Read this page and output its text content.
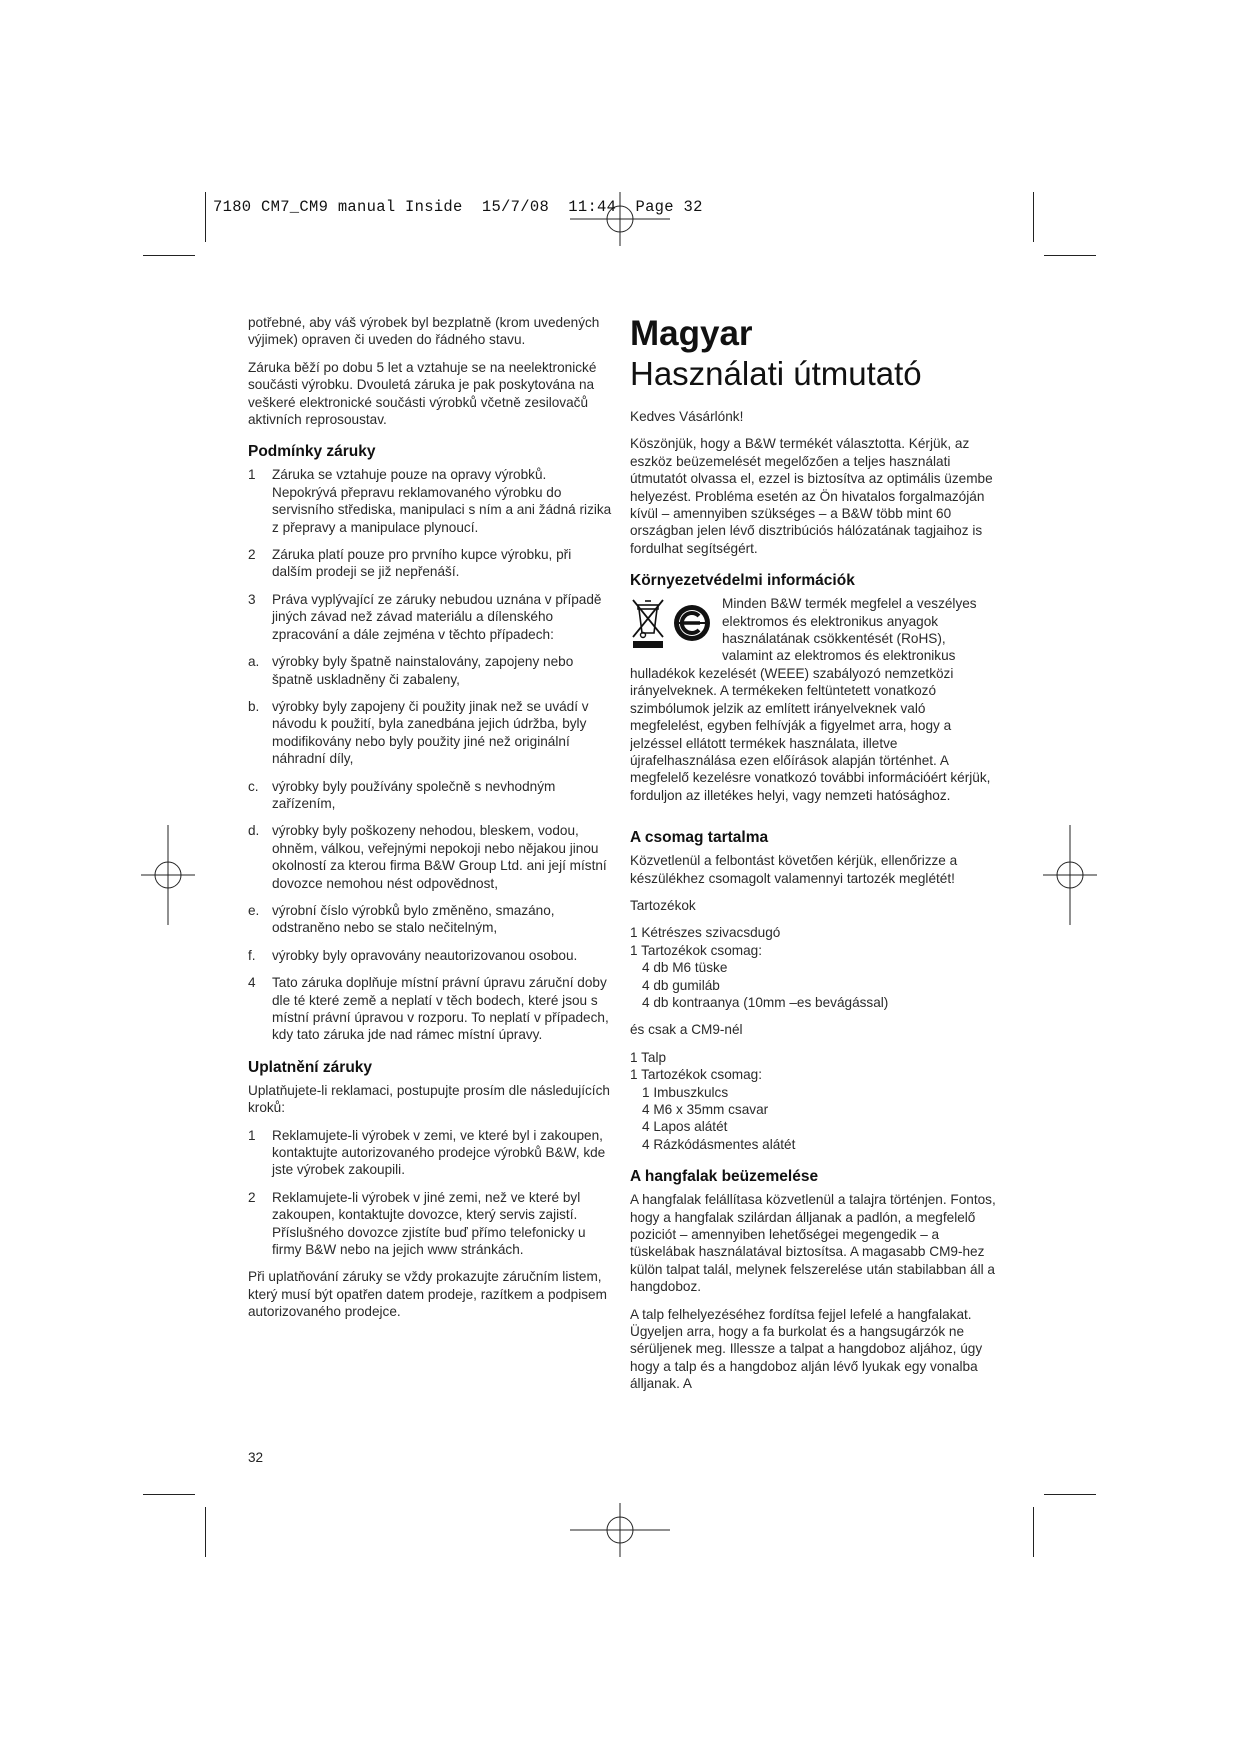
7180 CM7_CM9 manual Inside  15/7/08  11:44  Page 32

potřebné, aby váš výrobek byl bezplatně (krom uvedených výjimek) opraven či uveden do řádného stavu.

Záruka běží po dobu 5 let a vztahuje se na neelektronické součásti výrobku. Dvouletá záruka je pak poskytována na veškeré elektronické součásti výrobků včetně zesilovačů aktivních reprosoustav.

Podmínky záruky
1	Záruka se vztahuje pouze na opravy výrobků. Nepokrývá přepravu reklamovaného výrobku do servisního střediska, manipulaci s ním a ani žádná rizika z přepravy a manipulace plynoucí.
2	Záruka platí pouze pro prvního kupce výrobku, při dalším prodeji se již nepřenáší.
3	Práva vyplývající ze záruky nebudou uznána v případě jiných závad než závad materiálu a dílenského zpracování a dále zejména v těchto případech:
a. výrobky byly špatně nainstalovány, zapojeny nebo špatně uskladněny či zabaleny,
b. výrobky byly zapojeny či použity jinak než se uvádí v návodu k použití, byla zanedbána jejich údržba, byly modifikovány nebo byly použity jiné než originální náhradní díly,
c. výrobky byly používány společně s nevhodným zařízením,
d. výrobky byly poškozeny nehodou, bleskem, vodou, ohněm, válkou, veřejnými nepokoji nebo nějakou jinou okolností za kterou firma B&W Group Ltd. ani její místní dovozce nemohou nést odpovědnost,
e. výrobní číslo výrobků bylo změněno, smazáno, odstraněno nebo se stalo nečitelným,
f.	výrobky byly opravovány neautorizovanou osobou.
4	Tato záruka doplňuje místní právní úpravu záruční doby dle té které země a neplatí v těch bodech, které jsou s místní právní úpravou v rozporu. To neplatí v případech, kdy tato záruka jde nad rámec místní úpravy.
Uplatnění záruky

Uplatňujete-li reklamaci, postupujte prosím dle následujících kroků:

1	Reklamujete-li výrobek v zemi, ve které byl i zakoupen, kontaktujte autorizovaného prodejce výrobků B&W, kde jste výrobek zakoupili.
2	Reklamujete-li výrobek v jiné zemi, než ve které byl zakoupen, kontaktujte dovozce, který servis zajistí. Příslušného dovozce zjistíte buď přímo telefonicky u firmy B&W nebo na jejich www stránkách.

Při uplatňování záruky se vždy prokazujte záručním listem, který musí být opatřen datem prodeje, razítkem a podpisem autorizovaného prodejce.

Magyar
Használati útmutató

Kedves Vásárlónk!

Köszönjük, hogy a B&W termékét választotta. Kérjük, az eszköz beüzemelését megelőzően a teljes használati útmutatót olvassa el, ezzel is biztosítva az optimális üzembe helyezést. Probléma esetén az Ön hivatalos forgalmazóján kívül – amennyiben szükséges – a B&W több mint 60 országban jelen lévő disztribúciós hálózatának tagjaihoz is fordulhat segítségért.

Környezetvédelmi információk

Minden B&W termék megfelel a veszélyes elektromos és elektronikus anyagok használatának csökkentését (RoHS), valamint az elektromos és elektronikus hulladékok kezelését (WEEE) szabályozó nemzetközi irányelveknek. A termékeken feltüntetett vonatkozó szimbólumok jelzik az említett irányelveknek való megfelelést, egyben felhívják a figyelmet arra, hogy a jelzéssel ellátott termékek használata, illetve újrafelhasználása ezen előírások alapján történhet. A megfelelő kezelésre vonatkozó további információért kérjük, forduljon az illetékes helyi, vagy nemzeti hatósághoz.

A csomag tartalma

Közvetlenül a felbontást követően kérjük, ellenőrizze a készülékhez csomagolt valamennyi tartozék meglétét!

Tartozékok

1 Kétrészes szivacsdugó
1 Tartozékok csomag:
4 db M6 tüske
4 db gumiláb
4 db kontraanya (10mm –es bevágással)

és csak a CM9-nél

1 Talp
1 Tartozékok csomag:
1 Imbuszkulcs
4 M6 x 35mm csavar
4 Lapos alátét
4 Rázkódásmentes alátét
A hangfalak beüzemelése

A hangfalak felállítasa közvetlenül a talajra történjen. Fontos, hogy a hangfalak szilárdan álljanak a padlón, a megfelelő poziciót – amennyiben lehetőségei megengedik – a tüskelábak használatával biztosítsa. A magasabb CM9-hez külön talpat talál, melynek felszerelése után stabilabban áll a hangdoboz.

A talp felhelyezéséhez fordítsa fejjel lefelé a hangfalakat. Ügyeljen arra, hogy a fa burkolat és a hangsugárzók ne sérüljenek meg. Illessze a talpat a hangdoboz aljához, úgy hogy a talp és a hangdoboz alján lévő lyukak egy vonalba álljanak. A

32
